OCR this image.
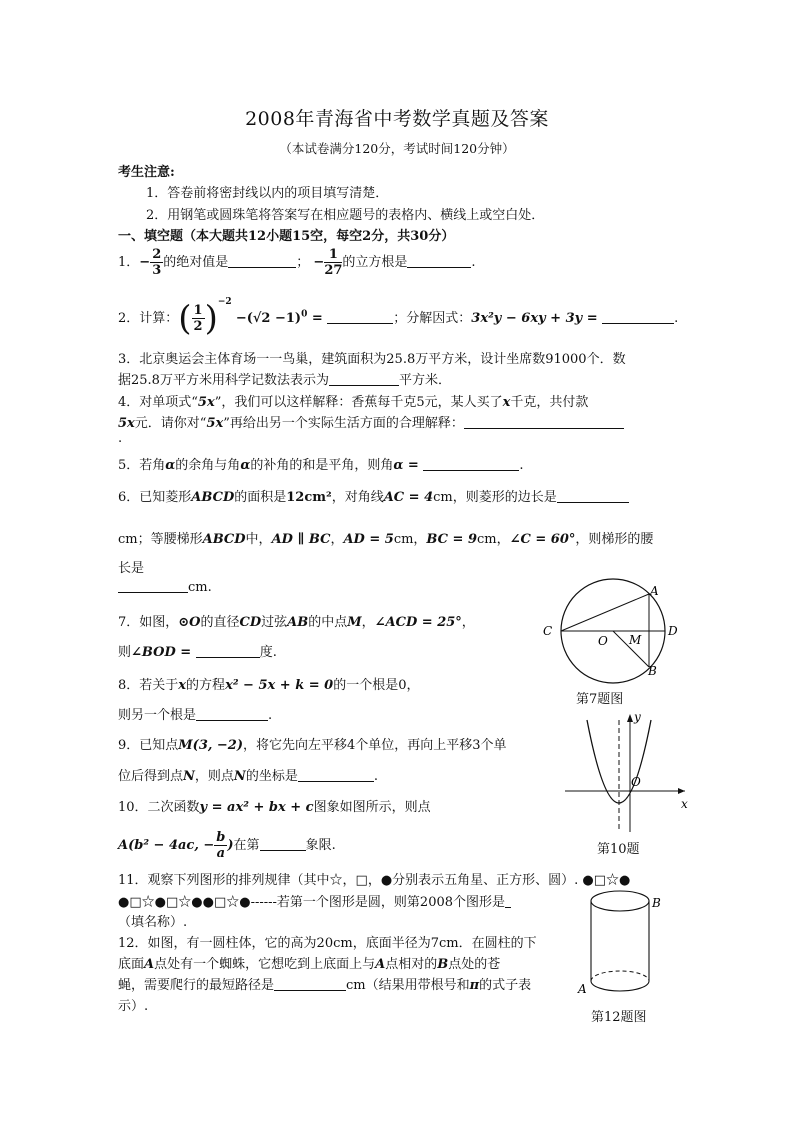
2008年青海省中考数学真题及答案
（本试卷满分120分，考试时间120分钟）
考生注意:
1．答卷前将密封线以内的项目填写清楚．
2．用钢笔或圆珠笔将答案写在相应题号的表格内、横线上或空白处．
一、填空题（本大题共12小题15空，每空2分，共30分）
1．− $\frac{2}{3}$ 的绝对值是	； − $\frac{1}{27}$ 的立方根是	.
2．计算：( $\frac{1}{2} )^{-2} -(√2 -1)^0$ =	；分解因式：3x²y − 6xy + 3y =	.
3．北京奥运会主体育场一一鸟巢，建筑面积为25.8万平方米，设计坐席数91000个．数
据25.8万平方米用科学记数法表示为	平方米．
4．对单项式“5x”，我们可以这样解释：香蕉每千克5元，某人买了x千克，共付款
5x元．请你对“5x”再给出另一个实际生活方面的合理解释：
.
5．若角α的余角与角α的补角的和是平角，则角α =	.
6．已知菱形ABCD的面积是12cm²，对角线AC = 4cm，则菱形的边长是
cm；等腰梯形ABCD中，AD ∥ BC，AD = 5cm，BC = 9cm，∠C = 60°，则梯形的腰
长是
cm.
7．如图，⊙O的直径CD过弦AB的中点M，∠ACD = 25°，
则∠BOD =	度.
8．若关于x的方程x² − 5x + k = 0的一个根是0，
则另一个根是	.
9．已知点M(3, −2)，将它先向左平移4个单位，再向上平移3个单
位后得到点N，则点N的坐标是	.
10．二次函数y = ax² + bx + c图象如图所示，则点
A(b² − 4ac, − $\frac{b}{a}$ )在第	象限.
11．观察下列图形的排列规律（其中☆，□，●分别表示五角星、正方形、圆）. ●□☆●
●□☆●□☆●●□☆●------若第一个图形是圆，则第2008个图形是
（填名称）.
12．如图，有一圆柱体，它的高为20cm，底面半径为7cm．在圆柱的下
底面A点处有一个蜘蛛，它想吃到上底面上与A点相对的B点处的苍
蝇，需要爬行的最短路径是	cm（结果用带根号和π的式子表
示）.
A
B
C	D
O M
第7题图
y
x
O
第10题
A
B
第12题图
